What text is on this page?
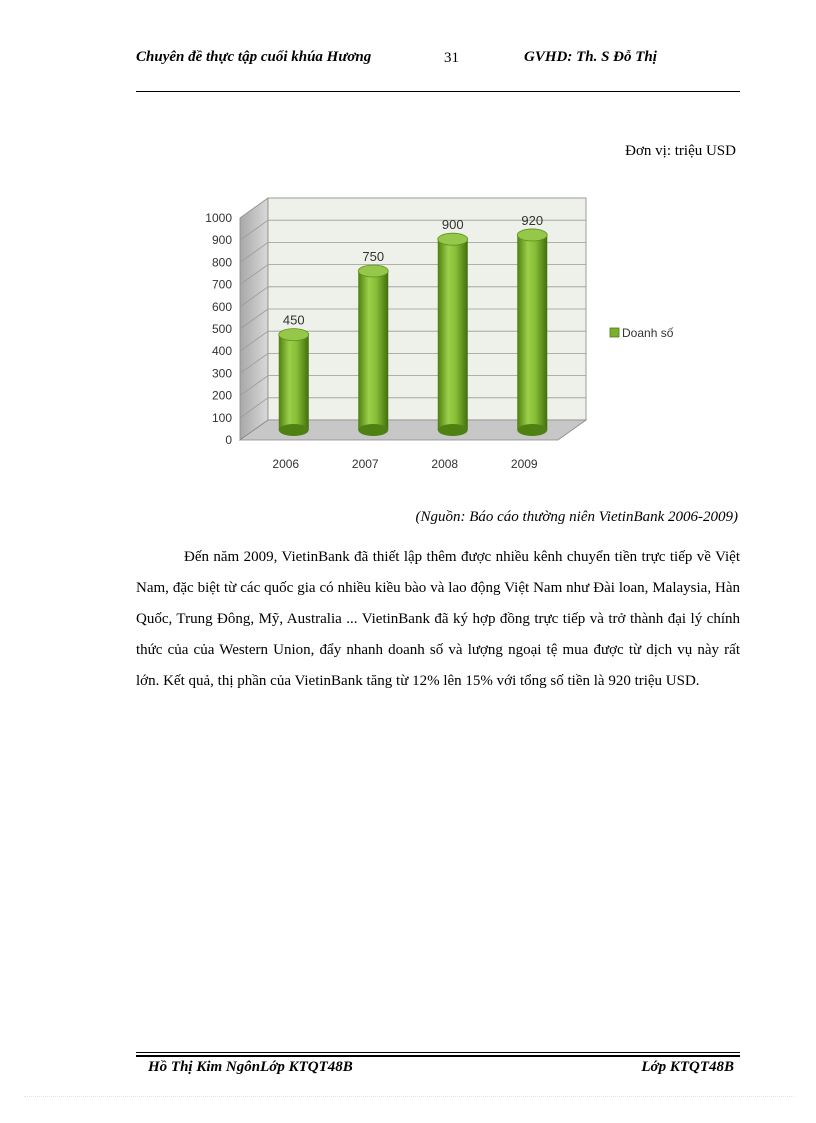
Chuyên đề thực tập cuối khúa Hương	31	GVHD: Th. S Đỗ Thị
Đơn vị: triệu USD
0
100
200
300
400
500
600
700
800
900
1000
450
2006
750
2007
900
2008
920
2009
Doanh số
(Nguồn: Báo cáo thường niên VietinBank 2006-2009)

Đến năm 2009, VietinBank đã thiết lập thêm được nhiều kênh chuyển tiền trực tiếp về Việt Nam, đặc biệt từ các quốc gia có nhiều kiều bào và lao động Việt Nam như Đài loan, Malaysia, Hàn Quốc, Trung Đông, Mỹ, Australia ... VietinBank đã ký hợp đồng trực tiếp và trở thành đại lý chính thức của của Western Union, đẩy nhanh doanh số và lượng ngoại tệ mua được từ dịch vụ này rất lớn. Kết quả, thị phần của VietinBank tăng từ 12% lên 15% với tổng số tiền là 920 triệu USD.

Hồ Thị Kim NgônLớp KTQT48B	Lớp KTQT48B
